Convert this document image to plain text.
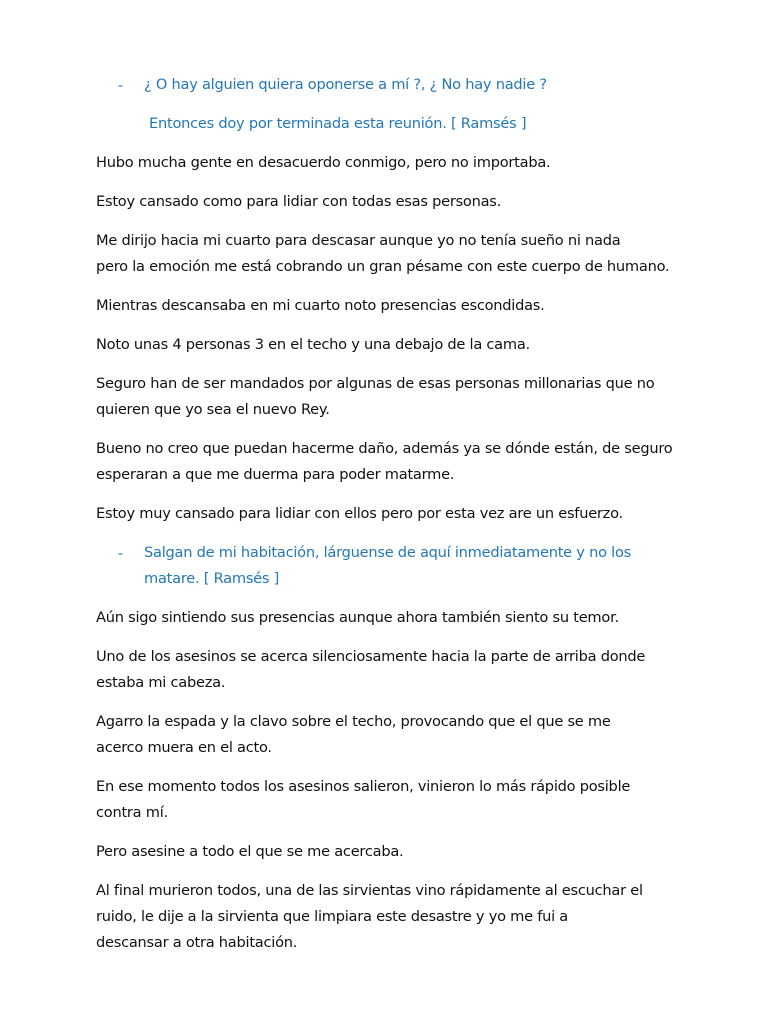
- ¿ O hay alguien quiera oponerse a mí ?, ¿ No hay nadie ?
Entonces doy por terminada esta reunión. [ Ramsés ]
Hubo mucha gente en desacuerdo conmigo, pero no importaba.
Estoy cansado como para lidiar con todas esas personas.
Me dirijo hacia mi cuarto para descasar aunque yo no tenía sueño ni nada
pero la emoción me está cobrando un gran pésame con este cuerpo de humano.
Mientras descansaba en mi cuarto noto presencias escondidas.
Noto unas 4 personas 3 en el techo y una debajo de la cama.
Seguro han de ser mandados por algunas de esas personas millonarias que no
quieren que yo sea el nuevo Rey.
Bueno no creo que puedan hacerme daño, además ya se dónde están, de seguro
esperaran a que me duerma para poder matarme.
Estoy muy cansado para lidiar con ellos pero por esta vez are un esfuerzo.
- Salgan de mi habitación, lárguense de aquí inmediatamente y no los
matare. [ Ramsés ]
Aún sigo sintiendo sus presencias aunque ahora también siento su temor.
Uno de los asesinos se acerca silenciosamente hacia la parte de arriba donde
estaba mi cabeza.
Agarro la espada y la clavo sobre el techo, provocando que el que se me
acerco muera en el acto.
En ese momento todos los asesinos salieron, vinieron lo más rápido posible
contra mí.
Pero asesine a todo el que se me acercaba.
Al final murieron todos, una de las sirvientas vino rápidamente al escuchar el
ruido, le dije a la sirvienta que limpiara este desastre y yo me fui a
descansar a otra habitación.
